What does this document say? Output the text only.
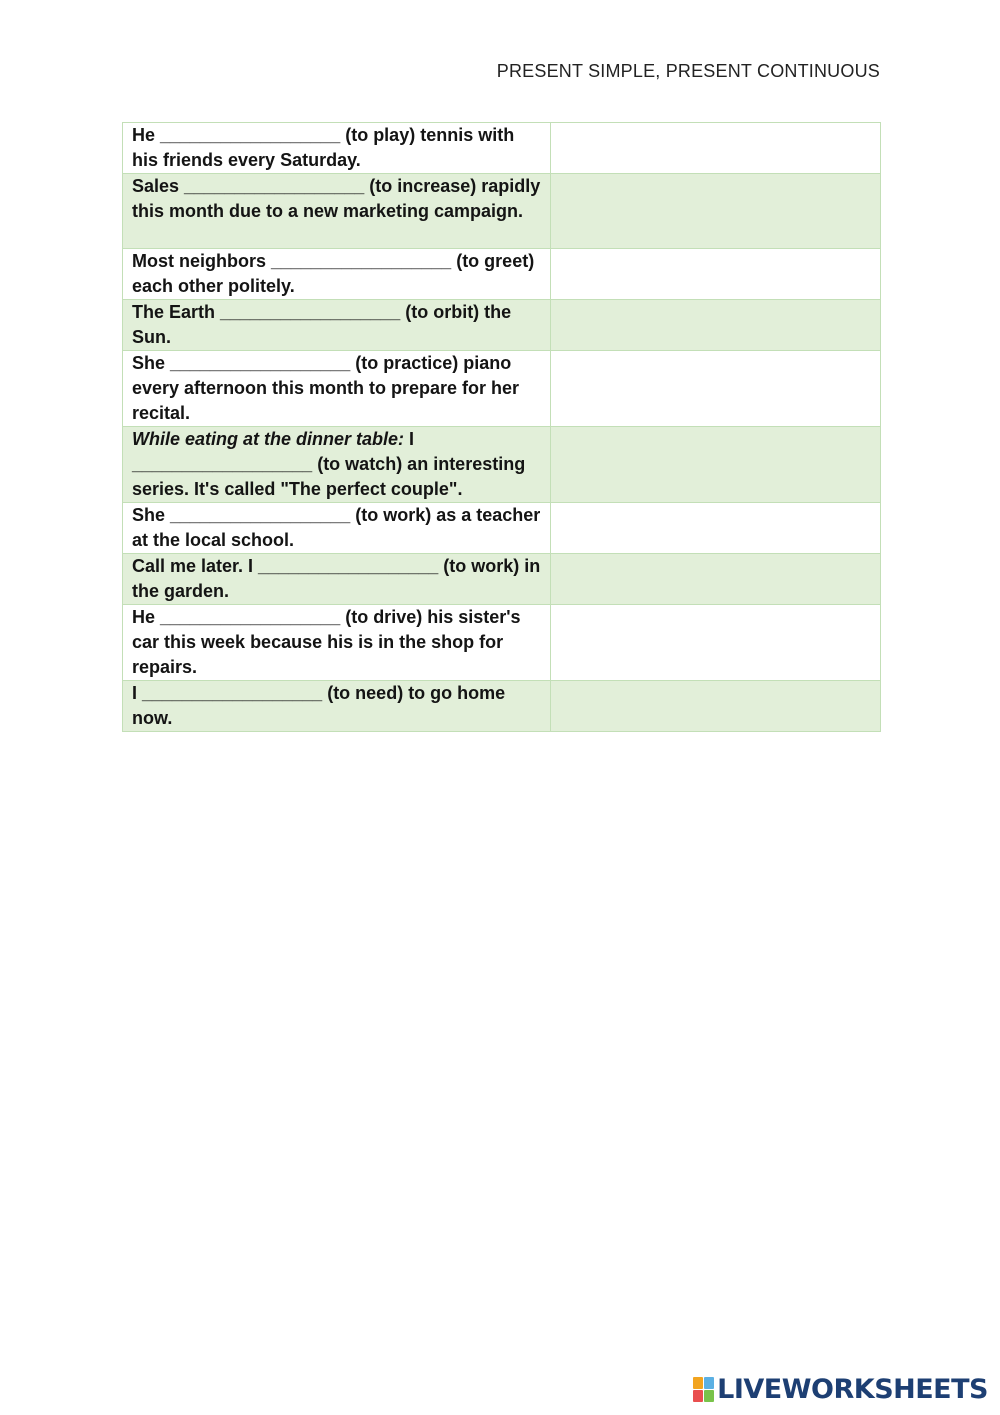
PRESENT SIMPLE, PRESENT CONTINUOUS
He __________________ (to play) tennis with his friends every Saturday.	
Sales __________________ (to increase) rapidly this month due to a new marketing campaign.	
Most neighbors __________________ (to greet) each other politely.	
The Earth __________________ (to orbit) the Sun.	
She __________________ (to practice) piano every afternoon this month to prepare for her recital.	
While eating at the dinner table: I __________________ (to watch) an interesting series. It's called "The perfect couple".	
She __________________ (to work) as a teacher at the local school.	
Call me later. I __________________ (to work) in the garden.	
He __________________ (to drive) his sister's car this week because his is in the shop for repairs.	
I __________________ (to need) to go home now.	
LIVEWORKSHEETS
